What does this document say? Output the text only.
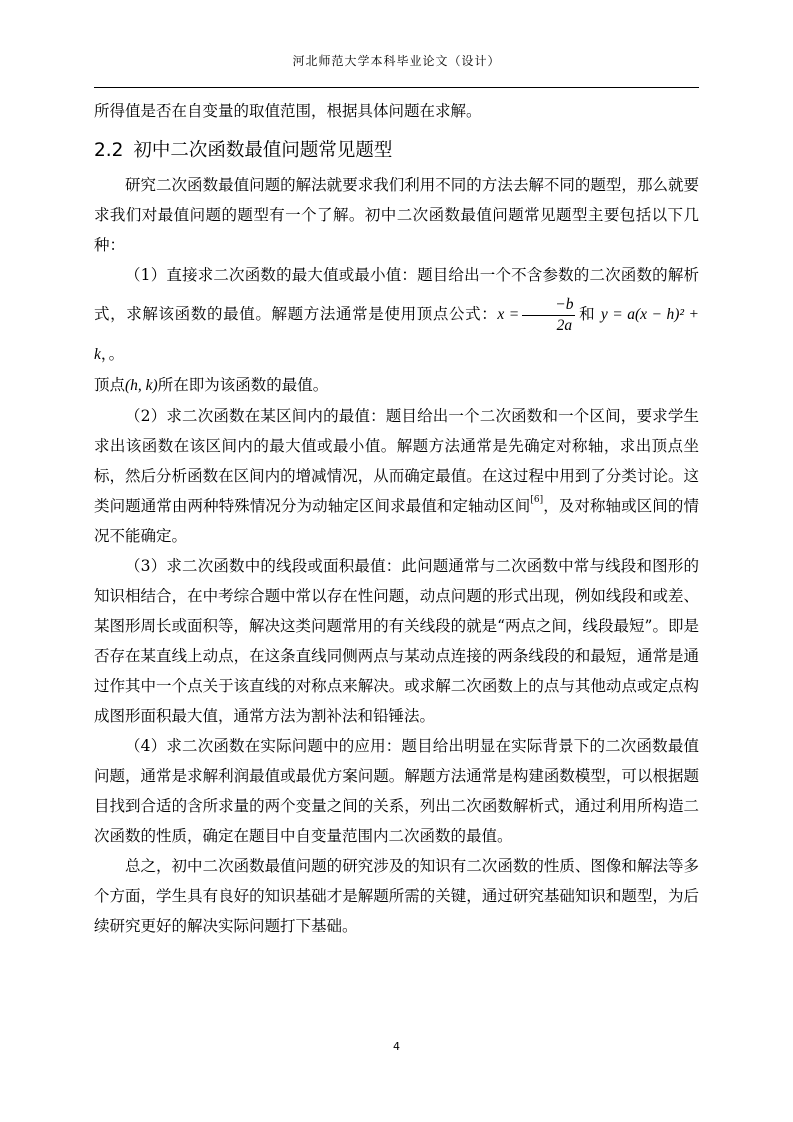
河北师范大学本科毕业论文（设计）

所得值是否在自变量的取值范围，根据具体问题在求解。

2.2 初中二次函数最值问题常见题型

研究二次函数最值问题的解法就要求我们利用不同的方法去解不同的题型，那么就要求我们对最值问题的题型有一个了解。初中二次函数最值问题常见题型主要包括以下几种：

（1）直接求二次函数的最大值或最小值：题目给出一个不含参数的二次函数的解析式，求解该函数的最值。解题方法通常是使用顶点公式：$x = \frac{-b}{2a}$ 和 y = a(x − h)² + k，。

顶点(h, k)所在即为该函数的最值。

（2）求二次函数在某区间内的最值：题目给出一个二次函数和一个区间，要求学生求出该函数在该区间内的最大值或最小值。解题方法通常是先确定对称轴，求出顶点坐标，然后分析函数在区间内的增减情况，从而确定最值。在这过程中用到了分类讨论。这类问题通常由两种特殊情况分为动轴定区间求最值和定轴动区间[6]，及对称轴或区间的情况不能确定。

（3）求二次函数中的线段或面积最值：此问题通常与二次函数中常与线段和图形的知识相结合，在中考综合题中常以存在性问题，动点问题的形式出现，例如线段和或差、某图形周长或面积等，解决这类问题常用的有关线段的就是“两点之间，线段最短”。即是否存在某直线上动点，在这条直线同侧两点与某动点连接的两条线段的和最短，通常是通过作其中一个点关于该直线的对称点来解决。或求解二次函数上的点与其他动点或定点构成图形面积最大值，通常方法为割补法和铅锤法。

（4）求二次函数在实际问题中的应用：题目给出明显在实际背景下的二次函数最值问题，通常是求解利润最值或最优方案问题。解题方法通常是构建函数模型，可以根据题目找到合适的含所求量的两个变量之间的关系，列出二次函数解析式，通过利用所构造二次函数的性质，确定在题目中自变量范围内二次函数的最值。

总之，初中二次函数最值问题的研究涉及的知识有二次函数的性质、图像和解法等多个方面，学生具有良好的知识基础才是解题所需的关键，通过研究基础知识和题型，为后续研究更好的解决实际问题打下基础。

4
